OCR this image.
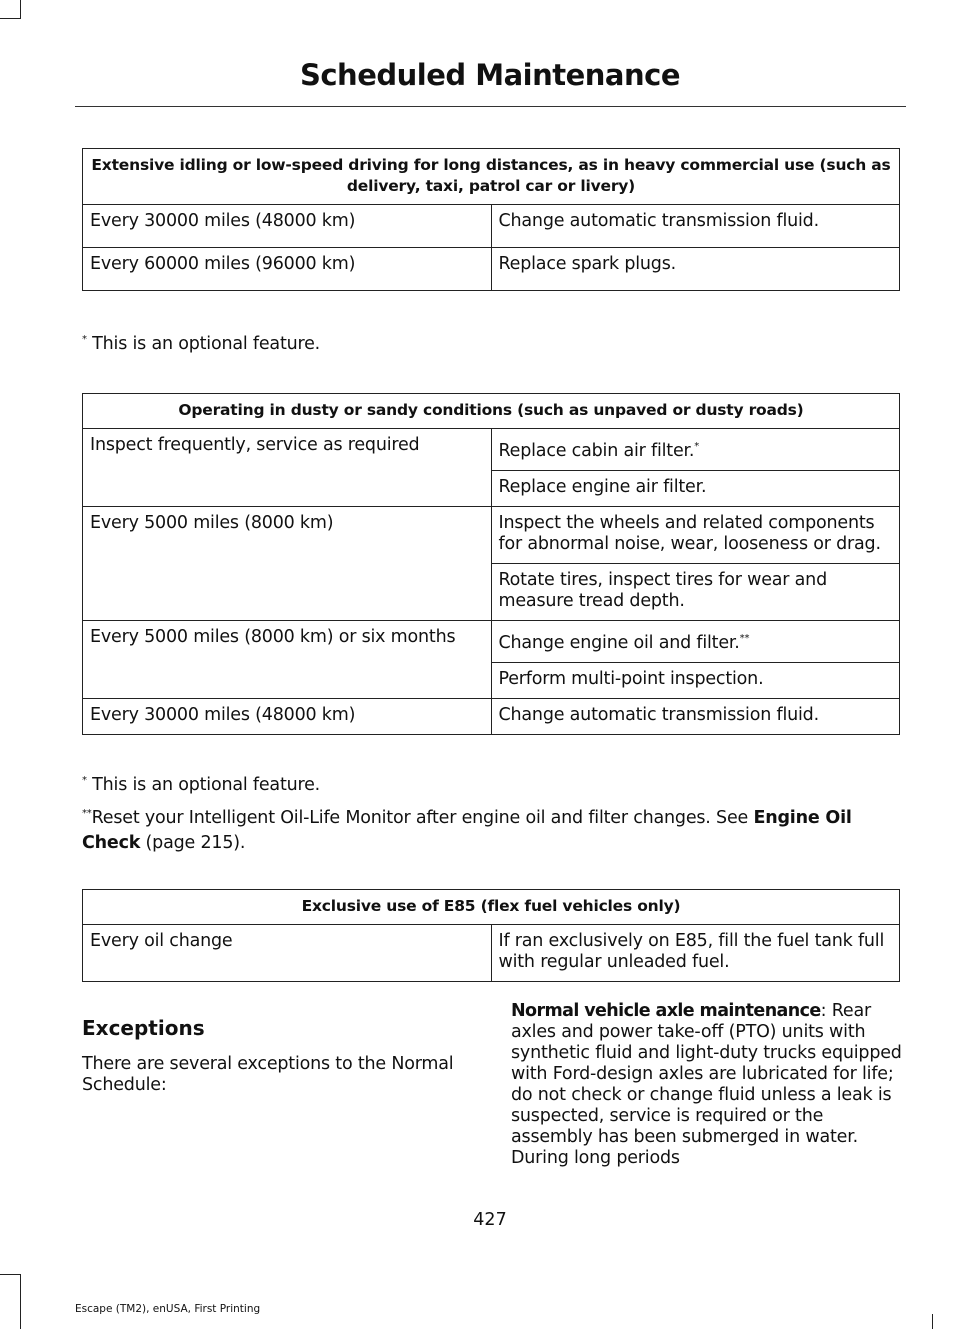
Scheduled Maintenance
Extensive idling or low-speed driving for long distances, as in heavy commercial use (such as delivery, taxi, patrol car or livery)	
Every 30000 miles (48000 km)	Change automatic transmission fluid.
Every 60000 miles (96000 km)	Replace spark plugs.

* This is an optional feature.

Operating in dusty or sandy conditions (such as unpaved or dusty roads)	
Inspect frequently, service as required	Replace cabin air filter.*
	Replace engine air filter.
Every 5000 miles (8000 km)	Inspect the wheels and related components for abnormal noise, wear, looseness or drag.
	Rotate tires, inspect tires for wear and measure tread depth.
Every 5000 miles (8000 km) or six months	Change engine oil and filter.**
	Perform multi-point inspection.
Every 30000 miles (48000 km)	Change automatic transmission fluid.

* This is an optional feature.

**Reset your Intelligent Oil-Life Monitor after engine oil and filter changes. See Engine Oil Check (page 215).

Exclusive use of E85 (flex fuel vehicles only)
Every oil change	If ran exclusively on E85, fill the fuel tank full with regular unleaded fuel.
Exceptions

There are several exceptions to the Normal Schedule:

Normal vehicle axle maintenance: Rear axles and power take-off (PTO) units with synthetic fluid and light-duty trucks equipped with Ford-design axles are lubricated for life; do not check or change fluid unless a leak is suspected, service is required or the assembly has been submerged in water. During long periods

427
Escape (TM2), enUSA, First Printing
